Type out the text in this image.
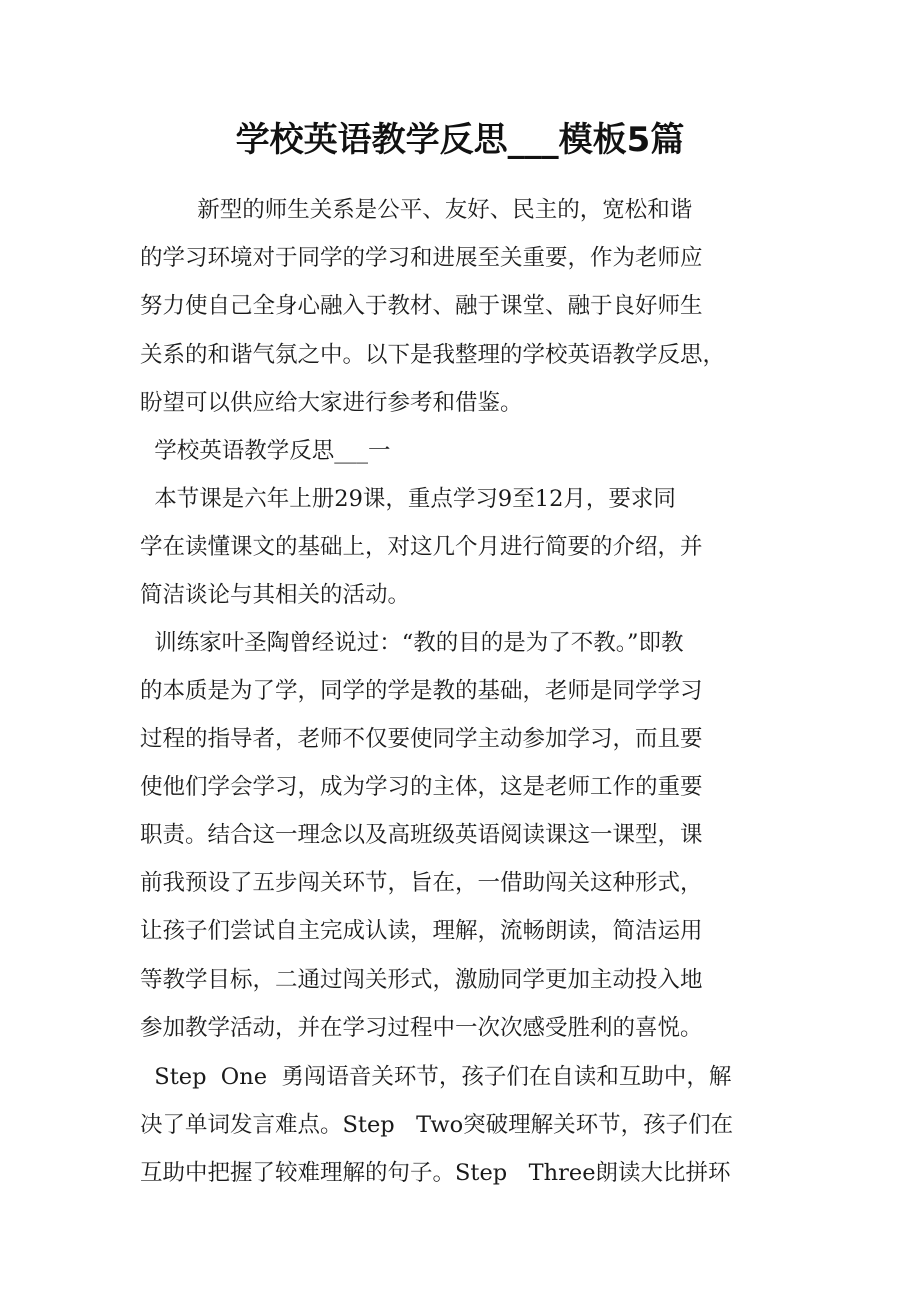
学校英语教学反思___模板5篇

新型的师生关系是公平、友好、民主的，宽松和谐

的学习环境对于同学的学习和进展至关重要，作为老师应

努力使自己全身心融入于教材、融于课堂、融于良好师生

关系的和谐气氛之中。以下是我整理的学校英语教学反思，

盼望可以供应给大家进行参考和借鉴。

学校英语教学反思___一

本节课是六年上册29课，重点学习9至12月，要求同

学在读懂课文的基础上，对这几个月进行简要的介绍，并

简洁谈论与其相关的活动。

训练家叶圣陶曾经说过：“教的目的是为了不教。”即教

的本质是为了学，同学的学是教的基础，老师是同学学习

过程的指导者，老师不仅要使同学主动参加学习，而且要

使他们学会学习，成为学习的主体，这是老师工作的重要

职责。结合这一理念以及高班级英语阅读课这一课型，课

前我预设了五步闯关环节，旨在，一借助闯关这种形式，

让孩子们尝试自主完成认读，理解，流畅朗读，简洁运用

等教学目标，二通过闯关形式，激励同学更加主动投入地

参加教学活动，并在学习过程中一次次感受胜利的喜悦。

Step  One  勇闯语音关环节，孩子们在自读和互助中，解

决了单词发言难点。Step   Two突破理解关环节，孩子们在

互助中把握了较难理解的句子。Step   Three朗读大比拼环
